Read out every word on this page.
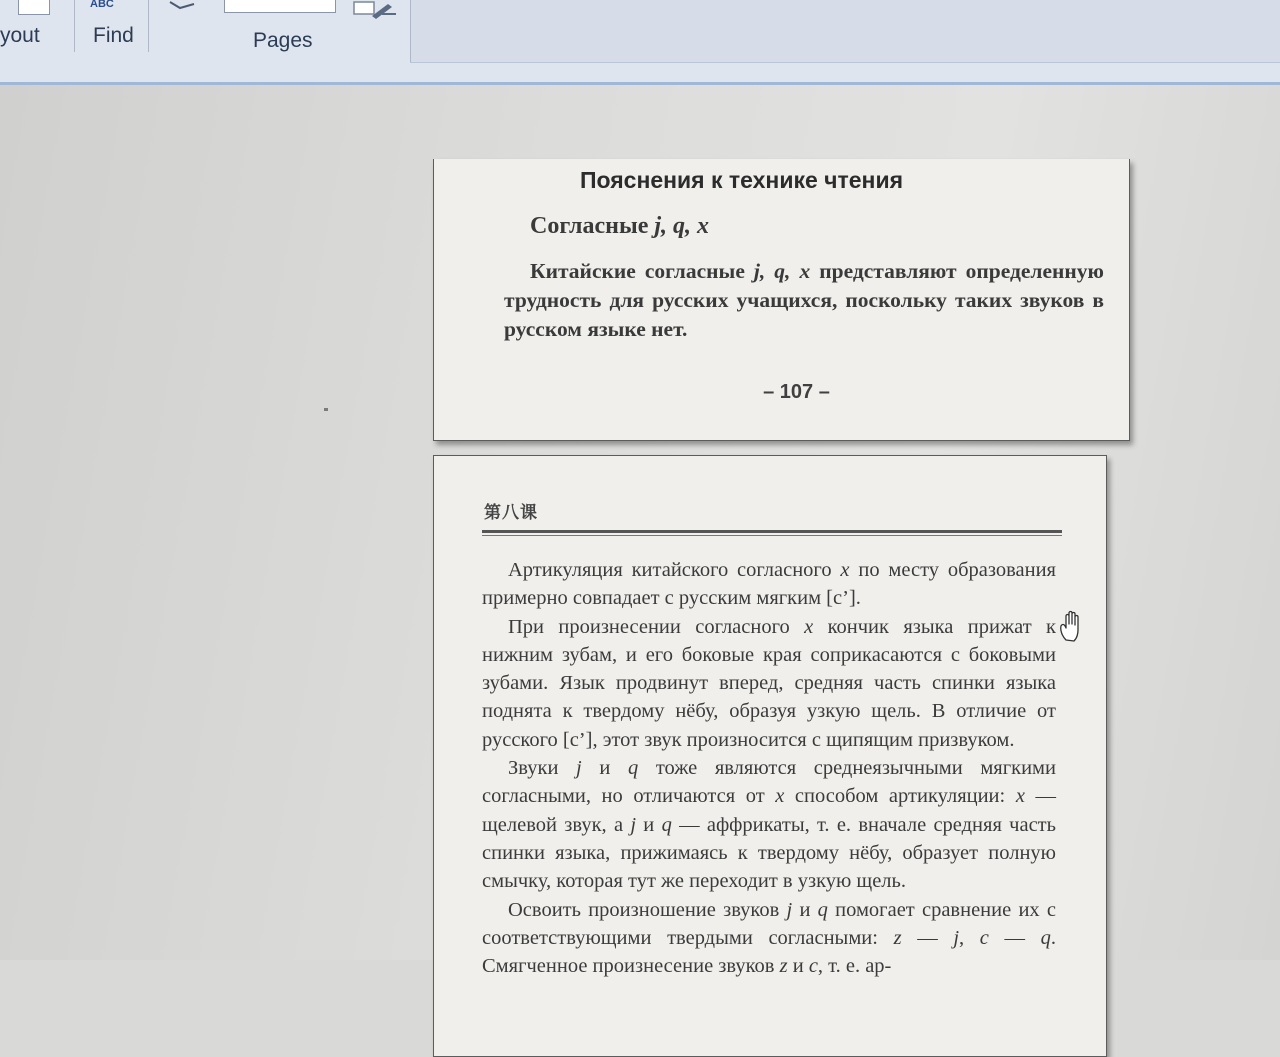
yout
ABC
Find	Pages
Пояснения к технике чтения
Согласные j, q, x
Китайские согласные j, q, x представляют определенную трудность для русских учащихся, поскольку таких звуков в русском языке нет.
– 107 –
第八课

Артикуляция китайского согласного x по месту образования примерно совпадает с русским мягким [с’].

При произнесении согласного x кончик языка прижат к нижним зубам, и его боковые края соприкасаются с боковыми зубами. Язык продвинут вперед, средняя часть спинки языка поднята к твердому нёбу, образуя узкую щель. В отличие от русского [с’], этот звук произносится с щипящим призвуком.

Звуки j и q тоже являются среднеязычными мягкими согласными, но отличаются от x способом артикуляции: x — щелевой звук, а j и q — аффрикаты, т. е. вначале средняя часть спинки языка, прижимаясь к твердому нёбу, образует полную смычку, которая тут же переходит в узкую щель.

Освоить произношение звуков j и q помогает сравнение их с соответствующими твердыми согласными: z — j, c — q. Смягченное произнесение звуков z и c, т. е. ар-
